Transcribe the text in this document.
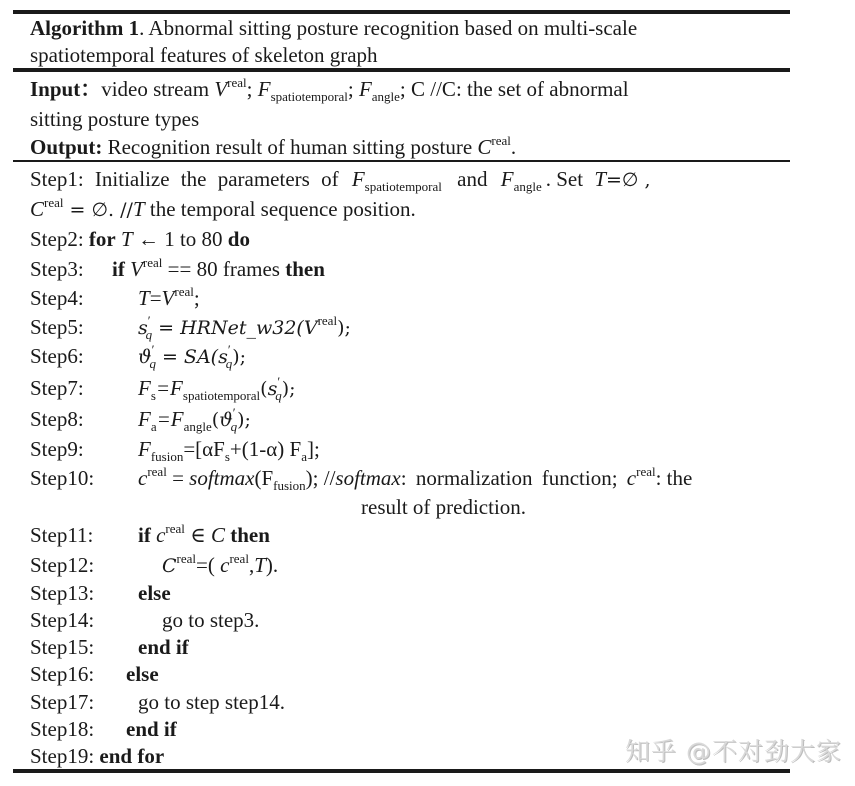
Algorithm 1. Abnormal sitting posture recognition based on multi-scale
spatiotemporal features of skeleton graph
Input：video stream $V^{real}$; $F_{spatiotemporal}$; $F_{angle}$; C //C: the set of abnormal
sitting posture types
Output: Recognition result of human sitting posture $C^{real}$.
Step1: Initialize the parameters of $F_{spatiotemporal}$ and $F_{angle}$ . Set T=∅ ,
$C^{real}$ = ∅. //T the temporal sequence position.
Step2: for T ← 1 to 80 do
Step3: if $V^{real} == 80$ frames then
Step4:	$T=V^{real}$;
Step5:	$s'_q$ = $HRNet\_w32(V^{real})$;
Step6:	$ϑ'_q = SA(s'_q)$;
Step7:	$F_s=F_{spatiotemporal}(s'_q)$;
Step8:	$F_a=F_{angle}(ϑ'_q)$;
Step9:	$F_{fusion}=[\alpha F_s+(1-\alpha)$ $F_a$];
Step10: $c^{real}$ = $softmax(F_{fusion})$; //softmax: normalization function; $c^{real}$: the
result of prediction.
Step11: if $c^{real}$ ∈ C then
Step12:	$C^{real}=$( $c^{real},T$).
Step13: else
Step14:	go to step3.
Step15: end if
Step16: else
Step17: go to step step14.
Step18: end if
Step19: end for	知乎 @不对劲大家
